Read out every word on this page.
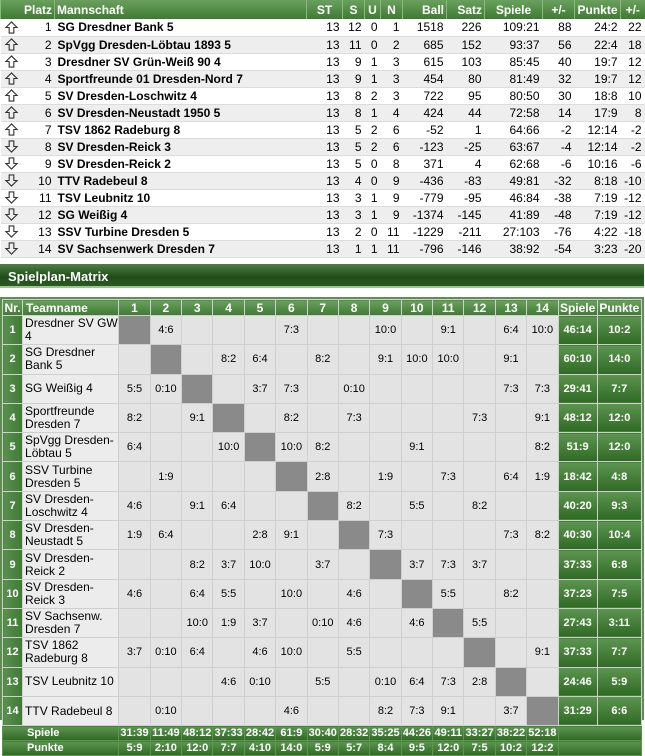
Platz		Mannschaft	ST	S	U	N	Ball	Satz	Spiele	+/-	Punkte	+/-

	1	SG Dresdner Bank 5	13	12	0	1	1518	226	109:21	88	24:2	22

	2	SpVgg Dresden-Löbtau 1893 5	13	11	0	2	685	152	93:37	56	22:4	18

	3	Dresdner SV Grün-Weiß 90 4	13	9	1	3	615	103	85:45	40	19:7	12

	4	Sportfreunde 01 Dresden-Nord 7	13	9	1	3	454	80	81:49	32	19:7	12

	5	SV Dresden-Loschwitz 4	13	8	2	3	722	95	80:50	30	18:8	10

	6	SV Dresden-Neustadt 1950 5	13	8	1	4	424	44	72:58	14	17:9	8

	7	TSV 1862 Radeburg 8	13	5	2	6	-52	1	64:66	-2	12:14	-2

	8	SV Dresden-Reick 3	13	5	2	6	-123	-25	63:67	-4	12:14	-2

	9	SV Dresden-Reick 2	13	5	0	8	371	4	62:68	-6	10:16	-6

	10	TTV Radebeul 8	13	4	0	9	-436	-83	49:81	-32	8:18	-10

	11	TSV Leubnitz 10	13	3	1	9	-779	-95	46:84	-38	7:19	-12

	12	SG Weißig 4	13	3	1	9	-1374	-145	41:89	-48	7:19	-12

	13	SSV Turbine Dresden 5	13	2	0	11	-1229	-211	27:103	-76	4:22	-18

	14	SV Sachsenwerk Dresden 7	13	1	1	11	-796	-146	38:92	-54	3:23	-20
Spielplan-Matrix
Nr.	Teamname	1	2	3	4	5	6	7	8	9	10	11	12	13	14	Spiele	Punkte
1	Dresdner SV GW 4		4:6				7:3			10:0		9:1		6:4	10:0	46:14	10:2
2	SG Dresdner Bank 5				8:2	6:4		8:2		9:1	10:0	10:0		9:1		60:10	14:0
3	SG Weißig 4	5:5	0:10			3:7	7:3		0:10					7:3	7:3	29:41	7:7
4	Sportfreunde Dresden 7	8:2		9:1			8:2		7:3				7:3		9:1	48:12	12:0
5	SpVgg Dresden-Löbtau 5	6:4			10:0		10:0	8:2			9:1				8:2	51:9	12:0
6	SSV Turbine Dresden 5		1:9					2:8		1:9		7:3		6:4	1:9	18:42	4:8
7	SV Dresden-Loschwitz 4	4:6		9:1	6:4				8:2		5:5		8:2			40:20	9:3
8	SV Dresden-Neustadt 5	1:9	6:4			2:8	9:1			7:3				7:3	8:2	40:30	10:4
9	SV Dresden-Reick 2			8:2	3:7	10:0		3:7			3:7	7:3	3:7			37:33	6:8
10	SV Dresden-Reick 3	4:6		6:4	5:5		10:0		4:6			5:5		8:2		37:23	7:5
11	SV Sachsenw. Dresden 7			10:0	1:9	3:7		0:10	4:6		4:6		5:5			27:43	3:11
12	TSV 1862 Radeburg 8	3:7	0:10	6:4		4:6	10:0		5:5						9:1	37:33	7:7
13	TSV Leubnitz 10				4:6	0:10		5:5		0:10	6:4	7:3	2:8			24:46	5:9
14	TTV Radebeul 8		0:10				4:6			8:2	7:3	9:1		3:7		31:29	6:6
Spiele		31:39	11:49	48:12	37:33	28:42	61:9	30:40	28:32	35:25	44:26	49:11	33:27	38:22	52:18		
Punkte		5:9	2:10	12:0	7:7	4:10	14:0	5:9	5:7	8:4	9:5	12:0	7:5	10:2	12:2		
